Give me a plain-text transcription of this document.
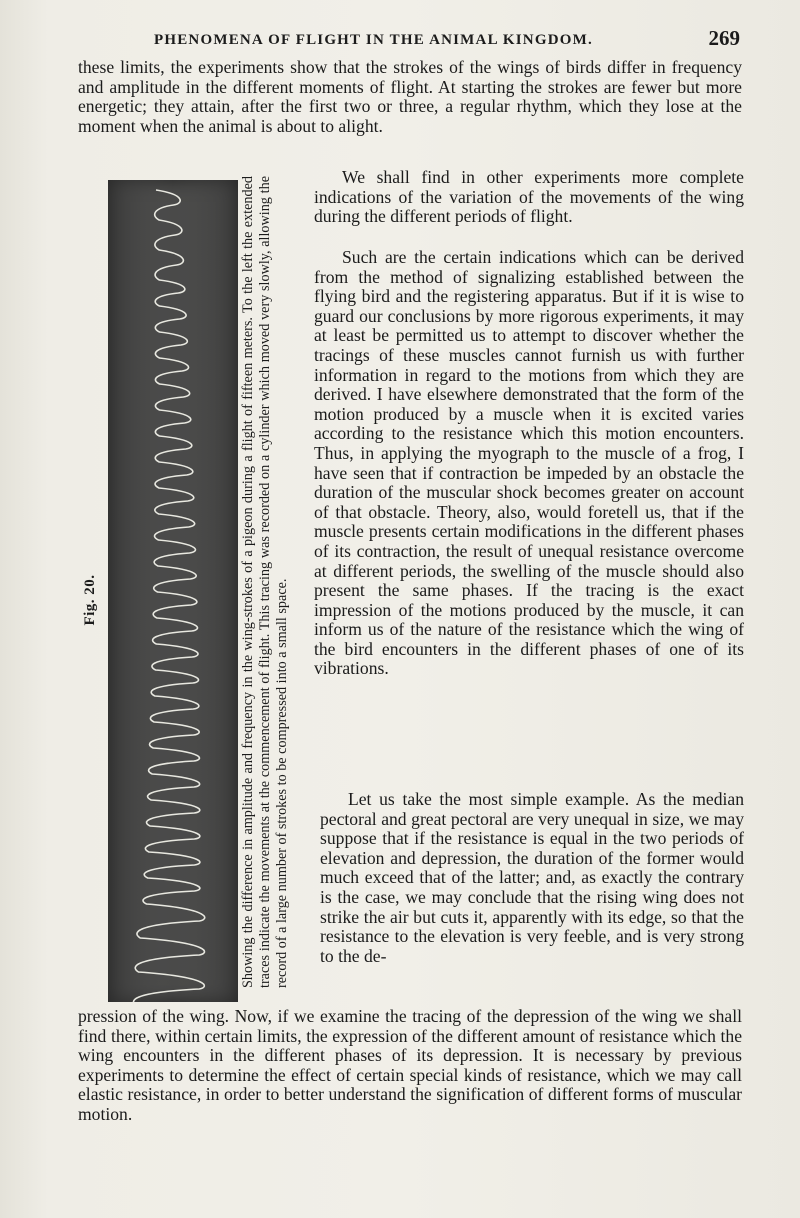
PHENOMENA OF FLIGHT IN THE ANIMAL KINGDOM.	269

these limits, the experiments show that the strokes of the wings of birds differ in frequency and amplitude in the different moments of flight. At starting the strokes are fewer but more energetic; they attain, after the first two or three, a regular rhythm, which they lose at the moment when the animal is about to alight.

Fig. 20.	Showing the difference in amplitude and frequency in the wing-strokes of a pigeon during a flight of fifteen meters. To the left the extended traces indicate the movements at the commencement of flight. This tracing was recorded on a cylinder which moved very slowly, allowing the record of a large number of strokes to be compressed into a small space.

We shall find in other experiments more complete indications of the variation of the movements of the wing during the different periods of flight.

Such are the certain indications which can be derived from the method of signalizing established between the flying bird and the registering apparatus. But if it is wise to guard our conclusions by more rigorous experiments, it may at least be permitted us to attempt to discover whether the tracings of these muscles cannot furnish us with further information in regard to the motions from which they are derived. I have elsewhere demonstrated that the form of the motion produced by a muscle when it is excited varies according to the resistance which this motion encounters. Thus, in applying the myograph to the muscle of a frog, I have seen that if contraction be impeded by an obstacle the duration of the muscular shock becomes greater on account of that obstacle. Theory, also, would foretell us, that if the muscle presents certain modifications in the different phases of its contraction, the result of unequal resistance overcome at different periods, the swelling of the muscle should also present the same phases. If the tracing is the exact impression of the motions produced by the muscle, it can inform us of the nature of the resistance which the wing of the bird encounters in the different phases of one of its vibrations.

Let us take the most simple example. As the median pectoral and great pectoral are very unequal in size, we may suppose that if the resistance is equal in the two periods of elevation and depression, the duration of the former would much exceed that of the latter; and, as exactly the contrary is the case, we may conclude that the rising wing does not strike the air but cuts it, apparently with its edge, so that the resistance to the elevation is very feeble, and is very strong to the de-

pression of the wing. Now, if we examine the tracing of the depression of the wing we shall find there, within certain limits, the expression of the different amount of resistance which the wing encounters in the different phases of its depression. It is necessary by previous experiments to determine the effect of certain special kinds of resistance, which we may call elastic resistance, in order to better understand the signification of different forms of muscular motion.
